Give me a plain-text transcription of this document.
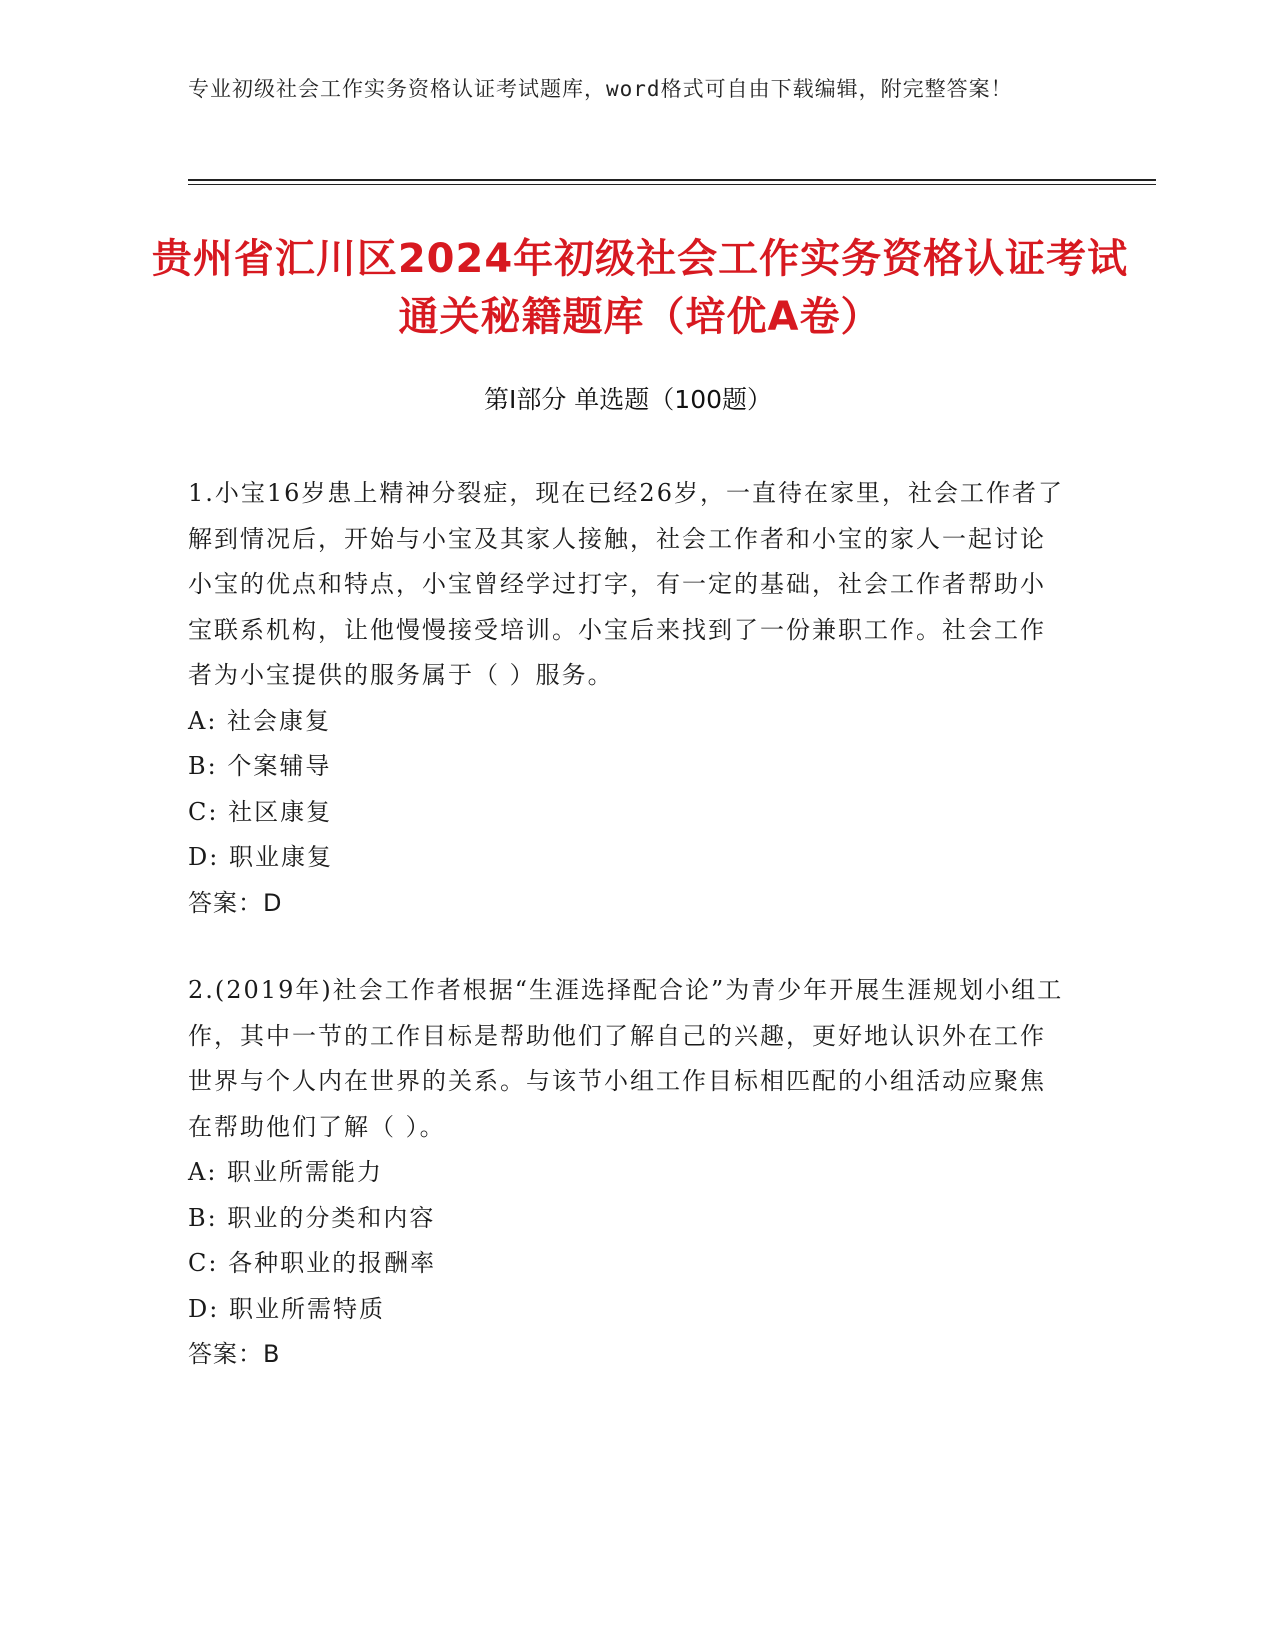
专业初级社会工作实务资格认证考试题库，word格式可自由下载编辑，附完整答案！
贵州省汇川区2024年初级社会工作实务资格认证考试通关秘籍题库（培优A卷）
第I部分 单选题（100题）
1.小宝16岁患上精神分裂症，现在已经26岁，一直待在家里，社会工作者了解到情况后，开始与小宝及其家人接触，社会工作者和小宝的家人一起讨论小宝的优点和特点，小宝曾经学过打字，有一定的基础，社会工作者帮助小宝联系机构，让他慢慢接受培训。小宝后来找到了一份兼职工作。社会工作者为小宝提供的服务属于（ ）服务。
A: 社会康复
B: 个案辅导
C: 社区康复
D: 职业康复
答案：D
2.(2019年)社会工作者根据“生涯选择配合论”为青少年开展生涯规划小组工作，其中一节的工作目标是帮助他们了解自己的兴趣，更好地认识外在工作世界与个人内在世界的关系。与该节小组工作目标相匹配的小组活动应聚焦在帮助他们了解（ ）。
A: 职业所需能力
B: 职业的分类和内容
C: 各种职业的报酬率
D: 职业所需特质
答案：B
